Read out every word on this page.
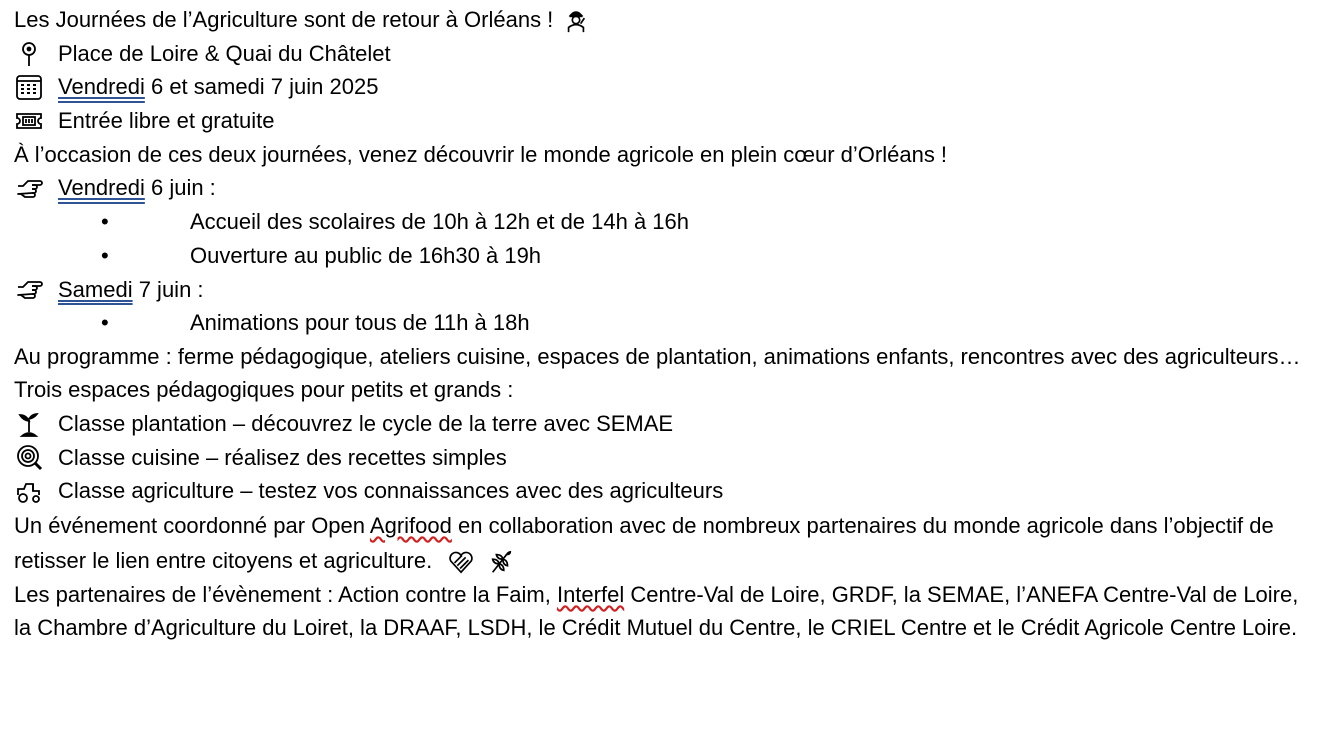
Les Journées de l’Agriculture sont de retour à Orléans !
Place de Loire & Quai du Châtelet
Vendredi 6 et samedi 7 juin 2025
Entrée libre et gratuite
À l’occasion de ces deux journées, venez découvrir le monde agricole en plein cœur d’Orléans !
Vendredi 6 juin :
•	Accueil des scolaires de 10h à 12h et de 14h à 16h
•	Ouverture au public de 16h30 à 19h
Samedi 7 juin :
•	Animations pour tous de 11h à 18h
Au programme : ferme pédagogique, ateliers cuisine, espaces de plantation, animations enfants, rencontres avec des agriculteurs…
Trois espaces pédagogiques pour petits et grands :
Classe plantation – découvrez le cycle de la terre avec SEMAE
Classe cuisine – réalisez des recettes simples
Classe agriculture – testez vos connaissances avec des agriculteurs
Un événement coordonné par Open Agrifood en collaboration avec de nombreux partenaires du monde agricole dans l’objectif de retisser le lien entre citoyens et agriculture.

Les partenaires de l’évènement : Action contre la Faim, Interfel Centre-Val de Loire, GRDF, la SEMAE, l’ANEFA Centre-Val de Loire, la Chambre d’Agriculture du Loiret, la DRAAF, LSDH, le Crédit Mutuel du Centre, le CRIEL Centre et le Crédit Agricole Centre Loire.
